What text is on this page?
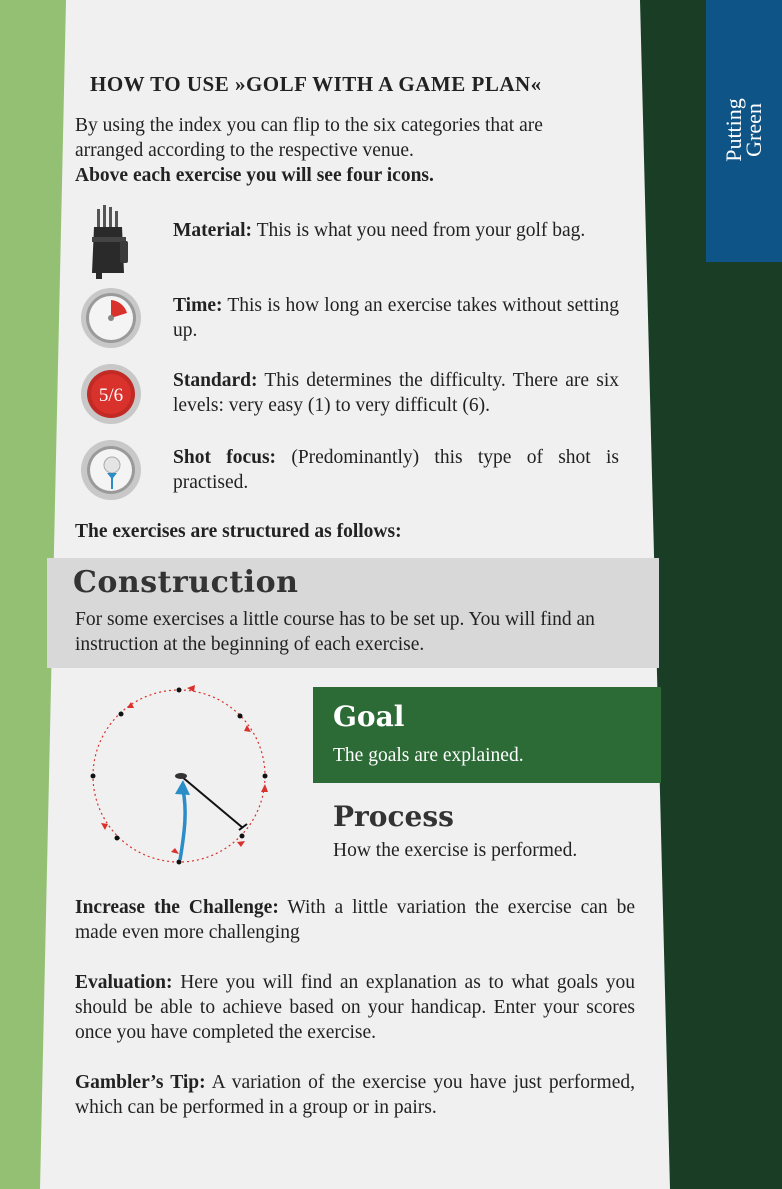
Putting
Green
HOW TO USE »GOLF WITH A GAME PLAN«
By using the index you can flip to the six categories that are
arranged according to the respective venue.
Above each exercise you will see four icons.
Material: This is what you need from your golf bag.
Time: This is how long an exercise takes without setting up.
5/6
Standard: This determines the difficulty. There are six levels: very easy (1) to very difficult (6).
Shot focus: (Predominantly) this type of shot is practised.
The exercises are structured as follows:
Construction
For some exercises a little course has to be set up. You will find an instruction at the beginning of each exercise.
Goal
The goals are explained.
Process
How the exercise is performed.
Increase the Challenge: With a little variation the exercise can be made even more challenging
Evaluation: Here you will find an explanation as to what goals you should be able to achieve based on your handicap. Enter your scores once you have completed the exercise.
Gambler’s Tip: A variation of the exercise you have just performed, which can be performed in a group or in pairs.
